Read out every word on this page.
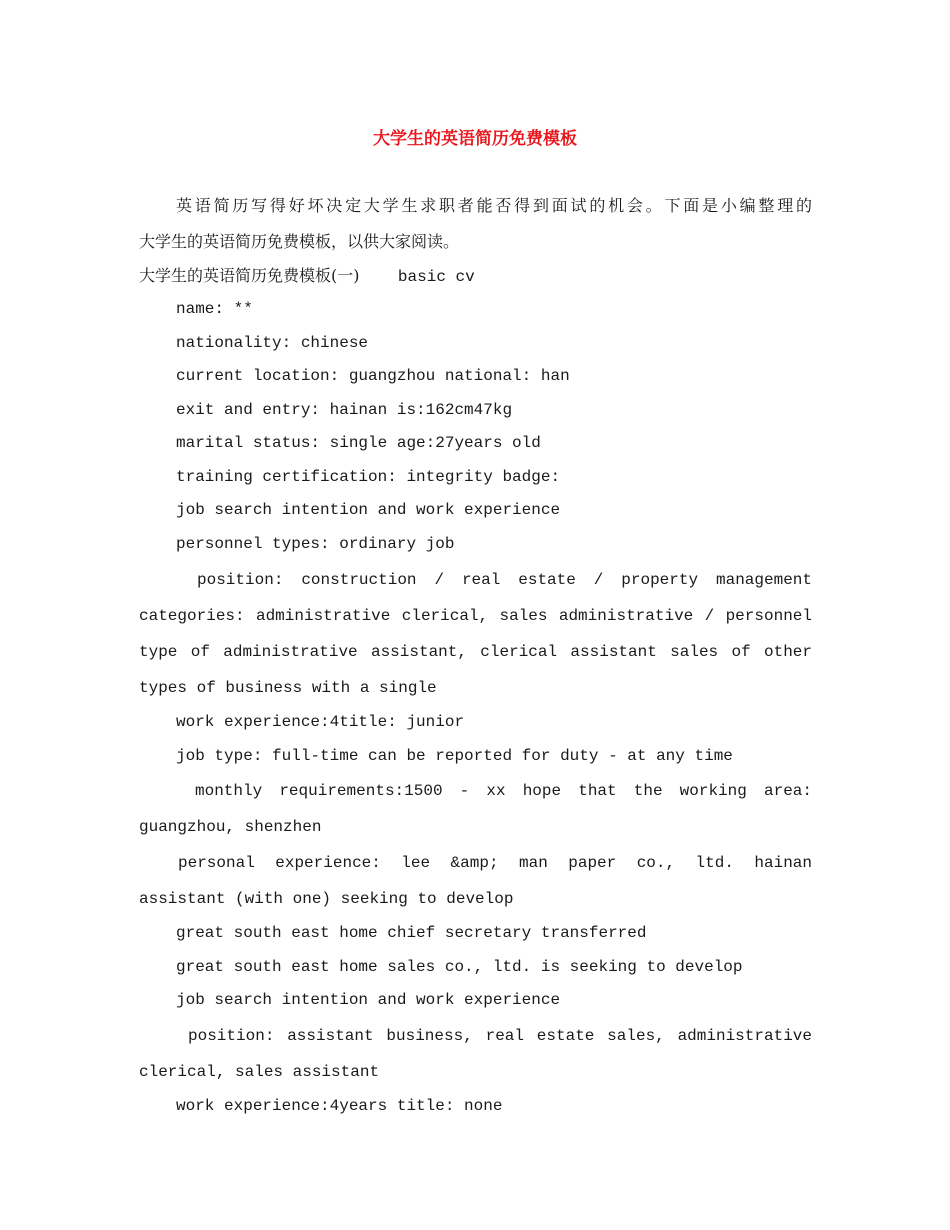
大学生的英语简历免费模板

英语简历写得好坏决定大学生求职者能否得到面试的机会。下面是小编整理的

大学生的英语简历免费模板，以供大家阅读。

大学生的英语简历免费模板(一) basic cv

name: **

nationality: chinese

current location: guangzhou national: han

exit and entry: hainan is:162cm47kg

marital status: single age:27years old

training certification: integrity badge:

job search intention and work experience

personnel types: ordinary job

position: construction / real estate / property management categories: administrative clerical, sales administrative / personnel type of administrative assistant, clerical assistant sales of other types of business with a single

work experience:4title: junior

job type: full-time can be reported for duty - at any time

monthly requirements:1500 - xx hope that the working area: guangzhou, shenzhen

personal experience: lee &amp; man paper co., ltd. hainan assistant (with one) seeking to develop

great south east home chief secretary transferred

great south east home sales co., ltd. is seeking to develop

job search intention and work experience

position: assistant business, real estate sales, administrative clerical, sales assistant

work experience:4years title: none
